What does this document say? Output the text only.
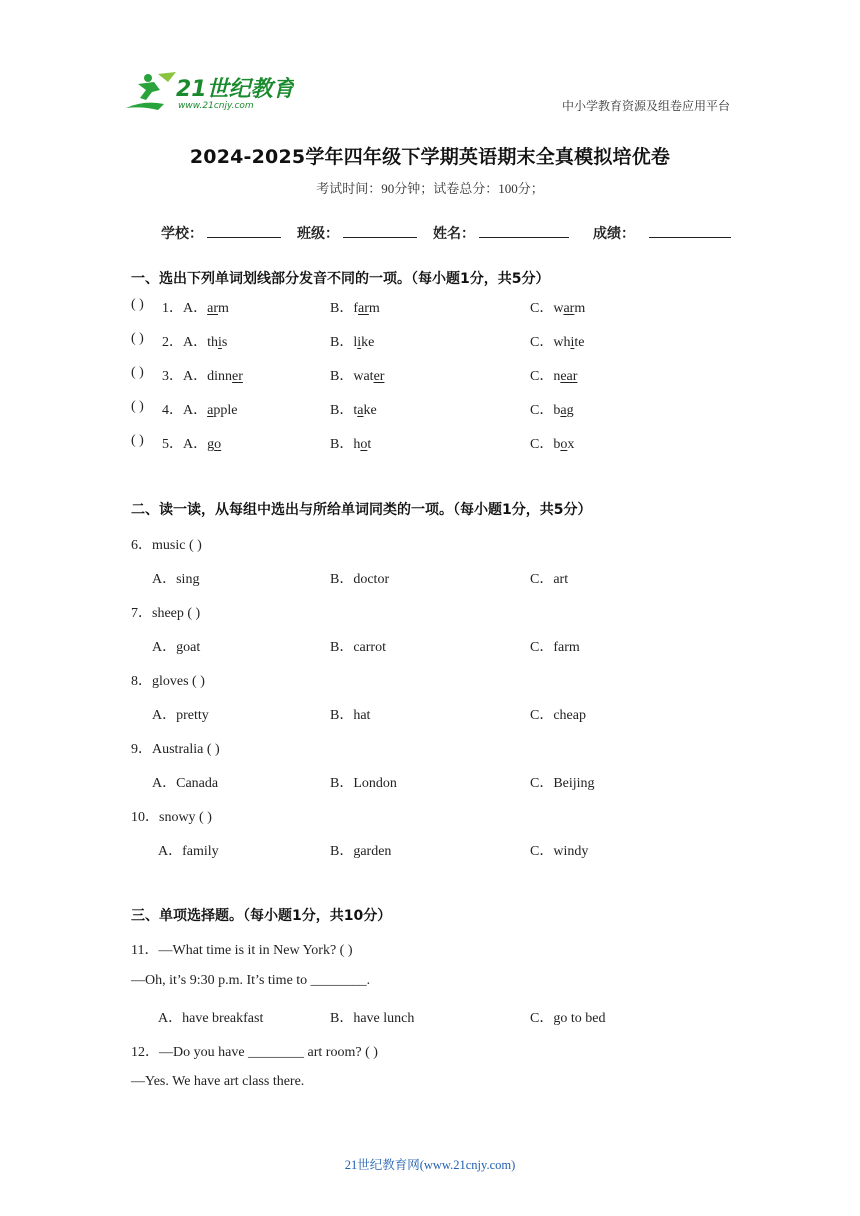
21世纪教育
www.21cnjy.com	中小学教育资源及组卷应用平台
2024-2025学年四年级下学期英语期末全真模拟培优卷
考试时间：90分钟；试卷总分：100分；
学校：	班级：	姓名：	成绩：
一、选出下列单词划线部分发音不同的一项。（每小题1分，共5分）
( ) 1． A．arm	B．farm	C．warm
( ) 2． A．this	B．like	C．white
( ) 3． A．dinner	B．water	C．near
( ) 4． A．apple	B．take	C．bag
( ) 5． A．go	B．hot	C．box
二、读一读，从每组中选出与所给单词同类的一项。（每小题1分，共5分）
6．music ( )
A．sing	B．doctor	C．art
7．sheep ( )
A．goat	B．carrot	C．farm
8．gloves ( )
A．pretty	B．hat	C．cheap
9．Australia ( )
A．Canada	B．London	C．Beijing
10．snowy ( )
A．family	B．garden	C．windy
三、单项选择题。（每小题1分，共10分）
11．—What time is it in New York? ( )
—Oh, it’s 9:30 p.m. It’s time to ________.
A．have breakfast	B．have lunch	C．go to bed
12．—Do you have ________ art room? ( )
—Yes. We have art class there.
21世纪教育网(www.21cnjy.com)
